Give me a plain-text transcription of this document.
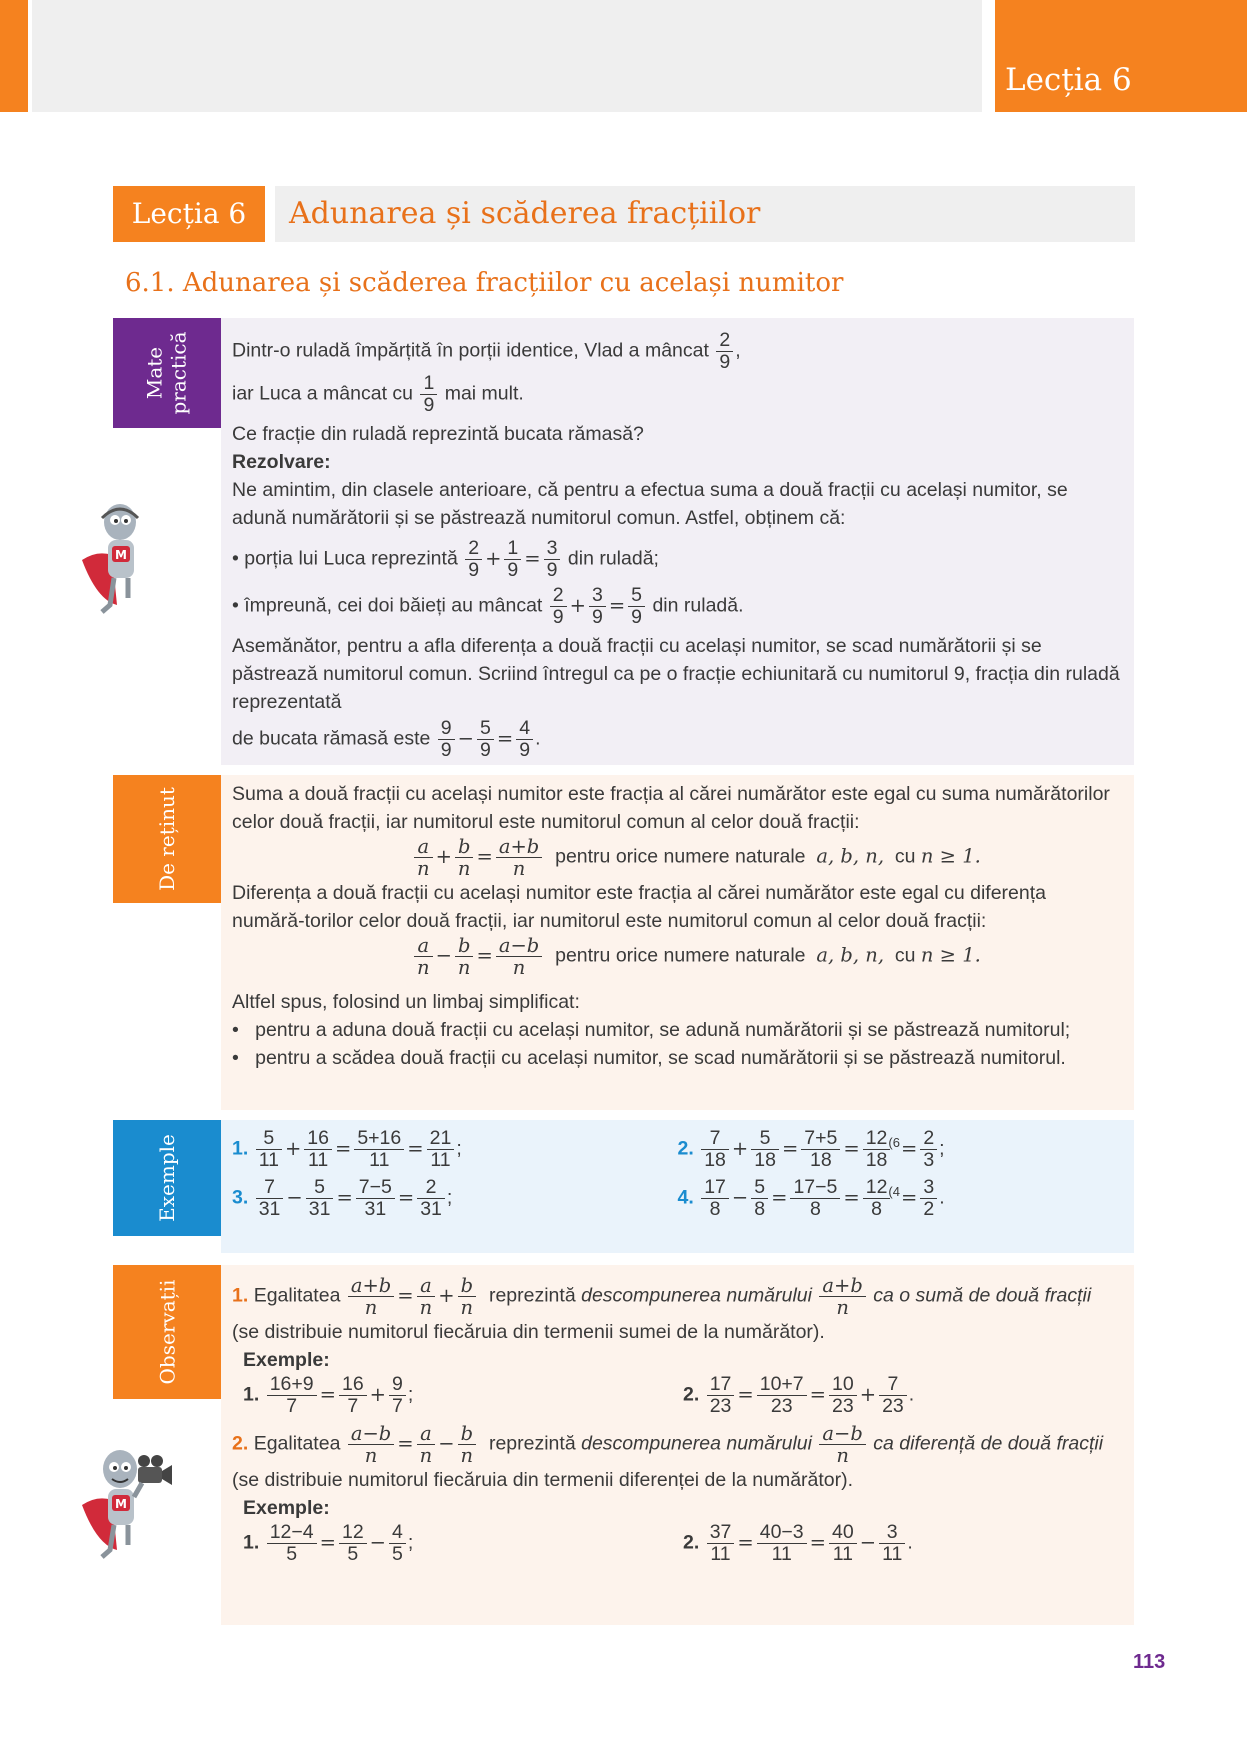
Lecția 6
Lecția 6	Adunarea și scăderea fracțiilor
6.1. Adunarea și scăderea fracțiilor cu același numitor
Mate
practică
De reținut
Exemple
Observații
M

Dintr-o ruladă împărțită în porții identice, Vlad a mâncat $\frac{2}{9}$ ,

iar Luca a mâncat cu $\frac{1}{9}$ mai mult.

Ce fracție din ruladă reprezintă bucata rămasă?

Rezolvare:

Ne amintim, din clasele anterioare, că pentru a efectua suma a două fracții cu același numitor, se adună numărătorii și se păstrează numitorul comun. Astfel, obținem că:

• porția lui Luca reprezintă $\frac{2}{9} + \frac{1}{9} = \frac{3}{9}$ din ruladă;

• împreună, cei doi băieți au mâncat $\frac{2}{9} + \frac{3}{9} = \frac{5}{9}$ din ruladă.

Asemănător, pentru a afla diferența a două fracții cu același numitor, se scad numărătorii și se păstrează numitorul comun. Scriind întregul ca pe o fracție echiunitară cu numitorul 9, fracția din ruladă reprezentată

de bucata rămasă este $\frac{9}{9} - \frac{5}{9} = \frac{4}{9}$ .

Suma a două fracții cu același numitor este fracția al cărei numărător este egal cu suma numărătorilor celor două fracții, iar numitorul este numitorul comun al celor două fracții:

$\frac{a}{n} + \frac{b}{n} = \frac{a+b}{n}$ pentru orice numere naturale a, b, n, cu n ≥ 1.

Diferența a două fracții cu același numitor este fracția al cărei numărător este egal cu diferența numără-torilor celor două fracții, iar numitorul este numitorul comun al celor două fracții:

$\frac{a}{n} - \frac{b}{n} = \frac{a-b}{n}$ pentru orice numere naturale a, b, n, cu n ≥ 1.

Altfel spus, folosind un limbaj simplificat:

•   pentru a aduna două fracții cu același numitor, se adună numărătorii și se păstrează numitorul;

•   pentru a scădea două fracții cu același numitor, se scad numărătorii și se păstrează numitorul.

1. $\frac{5}{11} + \frac{16}{11} = \frac{5+16}{11} = \frac{21}{11}$ ;	2. $\frac{7}{18} + \frac{5}{18} = \frac{7+5}{18} = \frac{12}{18}$
$^{(6}= \frac{2}{3}$ ;
3. $\frac{7}{31} - \frac{5}{31} = \frac{7-5}{31} = \frac{2}{31}$ ;	4. $\frac{17}{8} - \frac{5}{8} = \frac{17-5}{8} = \frac{12}{8}$
$^{(4}= \frac{3}{2}$ .

1. Egalitatea $\frac{a+b}{n} = \frac{a}{n} + \frac{b}{n}$ reprezintă descompunerea numărului $\frac{a+b}{n}$ ca o sumă de două fracții

(se distribuie numitorul fiecăruia din termenii sumei de la numărător).

Exemple:

1. $\frac{16+9}{7} = \frac{16}{7} + \frac{9}{7}$ ;	2. $\frac{17}{23} = \frac{10+7}{23} = \frac{10}{23} + \frac{7}{23}$ .

2. Egalitatea $\frac{a-b}{n} = \frac{a}{n} - \frac{b}{n}$ reprezintă descompunerea numărului $\frac{a-b}{n}$ ca diferență de două fracții

(se distribuie numitorul fiecăruia din termenii diferenței de la numărător).

Exemple:

1. $\frac{12-4}{5} = \frac{12}{5} - \frac{4}{5}$ ;	2. $\frac{37}{11} = \frac{40-3}{11} = \frac{40}{11} - \frac{3}{11}$ .
M
113
